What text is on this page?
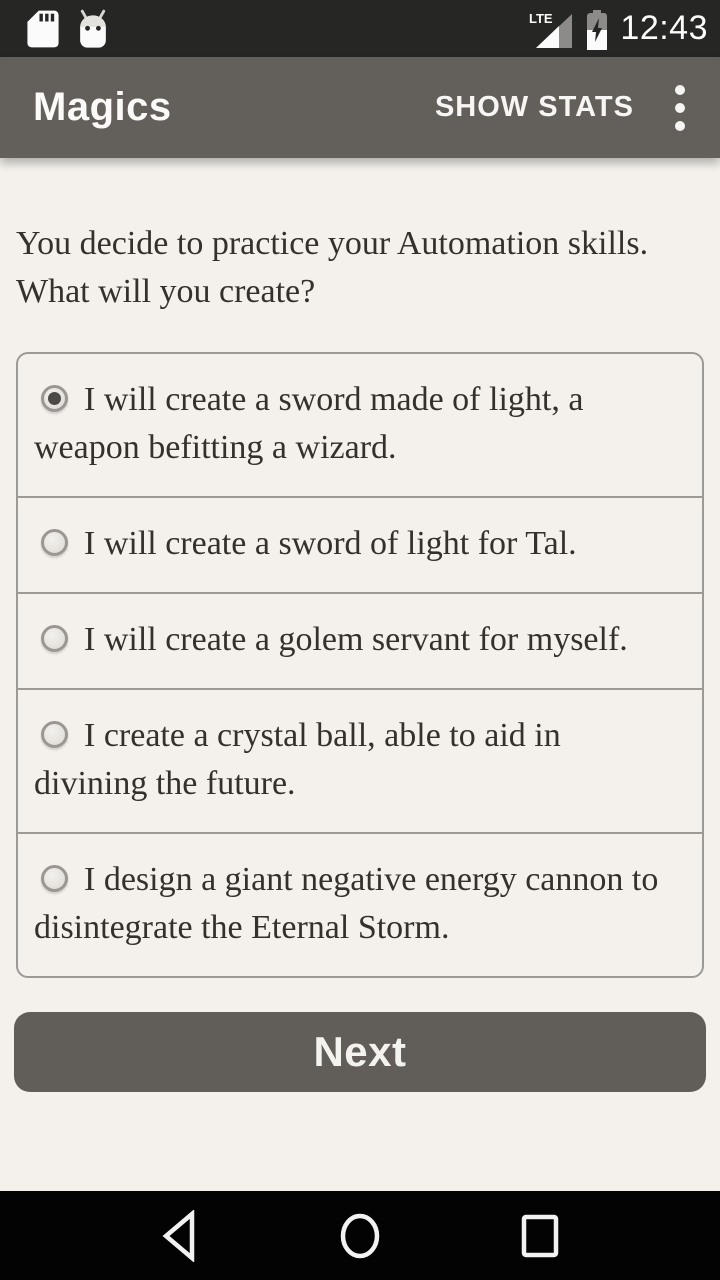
LTE 12:43
Magics	SHOW STATS
You decide to practice your Automation skills. What will you create?
I will create a sword made of light, a weapon befitting a wizard.
I will create a sword of light for Tal.
I will create a golem servant for myself.
I create a crystal ball, able to aid in divining the future.
I design a giant negative energy cannon to disintegrate the Eternal Storm.
Next
